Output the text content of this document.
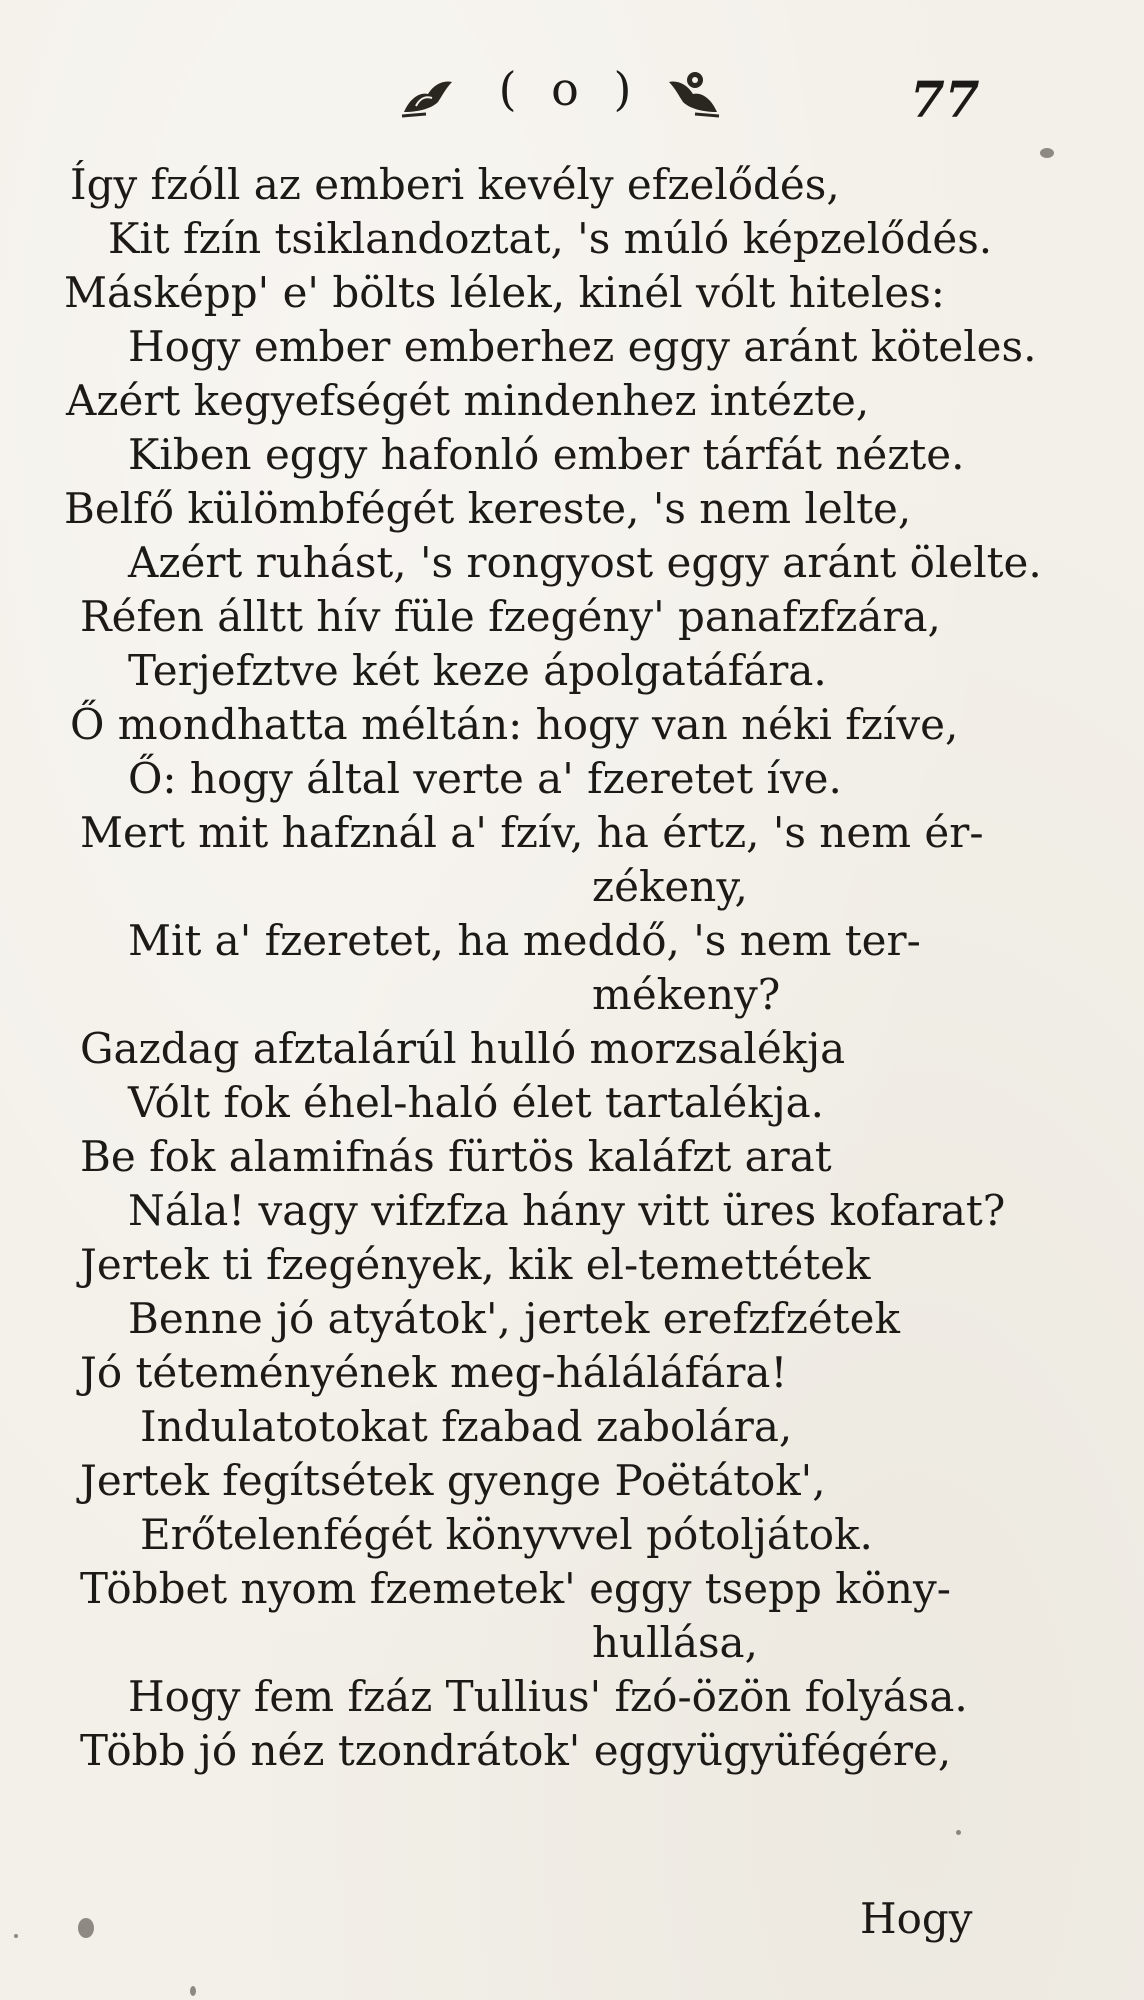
( o )	77
Így fzóll az emberi kevély efzelődés,
Kit fzín tsiklandoztat, 's múló képzelődés.
Másképp' e' bölts lélek, kinél vólt hiteles:
Hogy ember emberhez eggy aránt köteles.
Azért kegyefségét mindenhez intézte,
Kiben eggy hafonló ember tárfát nézte.
Belfő külömbfégét kereste, 's nem lelte,
Azért ruhást, 's rongyost eggy aránt ölelte.
Réfen álltt hív füle fzegény' panafzfzára,
Terjefztve két keze ápolgatáfára.
Ő mondhatta méltán: hogy van néki fzíve,
Ő: hogy által verte a' fzeretet íve.
Mert mit hafznál a' fzív, ha értz, 's nem ér-
zékeny,
Mit a' fzeretet, ha meddő, 's nem ter-
mékeny?
Gazdag afztalárúl hulló morzsalékja
Vólt fok éhel-haló élet tartalékja.
Be fok alamifnás fürtös kaláfzt arat
Nála! vagy vifzfza hány vitt üres kofarat?
Jertek ti fzegények, kik el-temettétek
Benne jó atyátok', jertek erefzfzétek
Jó téteményének meg-háláláfára!
Indulatotokat fzabad zabolára,
Jertek fegítsétek gyenge Poëtátok',
Erőtelenfégét könyvvel pótoljátok.
Többet nyom fzemetek' eggy tsepp köny-
hullása,
Hogy fem fzáz Tullius' fzó-özön folyása.
Több jó néz tzondrátok' eggyügyüfégére,
Hogy
